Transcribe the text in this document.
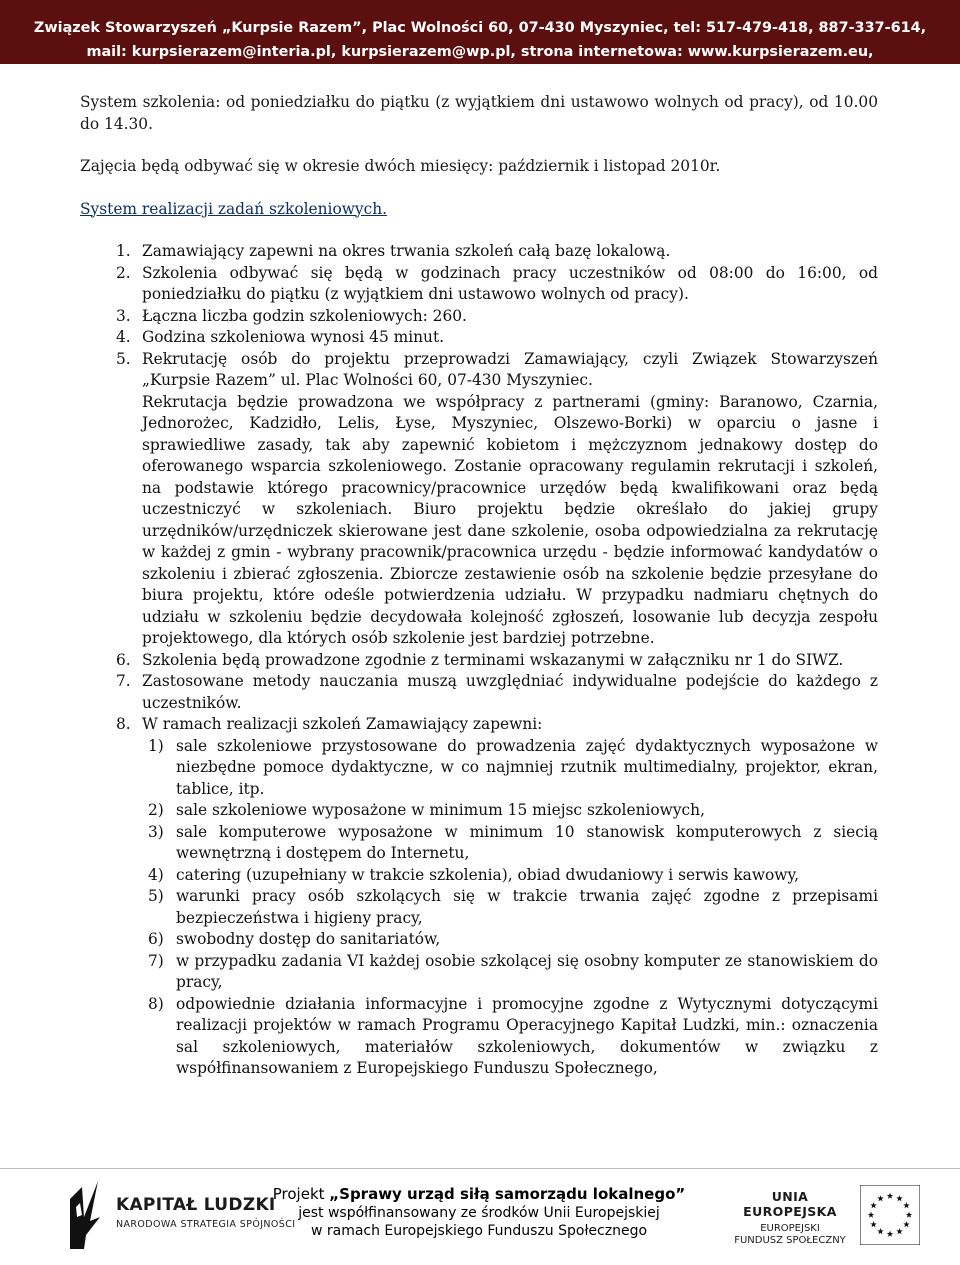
Związek Stowarzyszeń „Kurpsie Razem”, Plac Wolności 60, 07-430 Myszyniec, tel: 517-479-418, 887-337-614,
mail: kurpsierazem@interia.pl, kurpsierazem@wp.pl, strona internetowa: www.kurpsierazem.eu,

System szkolenia: od poniedziałku do piątku (z wyjątkiem dni ustawowo wolnych od pracy), od 10.00 do 14.30.

Zajęcia będą odbywać się w okresie dwóch miesięcy: październik i listopad 2010r.

System realizacji zadań szkoleniowych.

1. Zamawiający zapewni na okres trwania szkoleń całą bazę lokalową.
2. Szkolenia odbywać się będą w godzinach pracy uczestników od 08:00 do 16:00, od poniedziałku do piątku (z wyjątkiem dni ustawowo wolnych od pracy).
3. Łączna liczba godzin szkoleniowych: 260.
4. Godzina szkoleniowa wynosi 45 minut.
5. Rekrutację osób do projektu przeprowadzi Zamawiający, czyli Związek Stowarzyszeń „Kurpsie Razem” ul. Plac Wolności 60, 07-430 Myszyniec.
Rekrutacja będzie prowadzona we współpracy z partnerami (gminy: Baranowo, Czarnia, Jednorożec, Kadzidło, Lelis, Łyse, Myszyniec, Olszewo-Borki) w oparciu o jasne i sprawiedliwe zasady, tak aby zapewnić kobietom i mężczyznom jednakowy dostęp do oferowanego wsparcia szkoleniowego. Zostanie opracowany regulamin rekrutacji i szkoleń, na podstawie którego pracownicy/pracownice urzędów będą kwalifikowani oraz będą uczestniczyć w szkoleniach. Biuro projektu będzie określało do jakiej grupy urzędników/urzędniczek skierowane jest dane szkolenie, osoba odpowiedzialna za rekrutację w każdej z gmin - wybrany pracownik/pracownica urzędu - będzie informować kandydatów o szkoleniu i zbierać zgłoszenia. Zbiorcze zestawienie osób na szkolenie będzie przesyłane do biura projektu, które odeśle potwierdzenia udziału. W przypadku nadmiaru chętnych do udziału w szkoleniu będzie decydowała kolejność zgłoszeń, losowanie lub decyzja zespołu projektowego, dla których osób szkolenie jest bardziej potrzebne.
6. Szkolenia będą prowadzone zgodnie z terminami wskazanymi w załączniku nr 1 do SIWZ.
7. Zastosowane metody nauczania muszą uwzględniać indywidualne podejście do każdego z uczestników.
8. W ramach realizacji szkoleń Zamawiający zapewni:
1) sale szkoleniowe przystosowane do prowadzenia zajęć dydaktycznych wyposażone w niezbędne pomoce dydaktyczne, w co najmniej rzutnik multimedialny, projektor, ekran, tablice, itp.
2) sale szkoleniowe wyposażone w minimum 15 miejsc szkoleniowych,
3) sale komputerowe wyposażone w minimum 10 stanowisk komputerowych z siecią wewnętrzną i dostępem do Internetu,
4) catering (uzupełniany w trakcie szkolenia), obiad dwudaniowy i serwis kawowy,
5) warunki pracy osób szkolących się w trakcie trwania zajęć zgodne z przepisami bezpieczeństwa i higieny pracy,
6) swobodny dostęp do sanitariatów,
7) w przypadku zadania VI każdej osobie szkolącej się osobny komputer ze stanowiskiem do pracy,
8) odpowiednie działania informacyjne i promocyjne zgodne z Wytycznymi dotyczącymi realizacji projektów w ramach Programu Operacyjnego Kapitał Ludzki, min.: oznaczenia sal szkoleniowych, materiałów szkoleniowych, dokumentów w związku z współfinansowaniem z Europejskiego Funduszu Społecznego,
KAPITAŁ LUDZKI
NARODOWA STRATEGIA SPÓJNOŚCI
Projekt „Sprawy urząd siłą samorządu lokalnego”
jest współfinansowany ze środków Unii Europejskiej
w ramach Europejskiego Funduszu Społecznego
UNIA EUROPEJSKA
EUROPEJSKI
FUNDUSZ SPOŁECZNY
